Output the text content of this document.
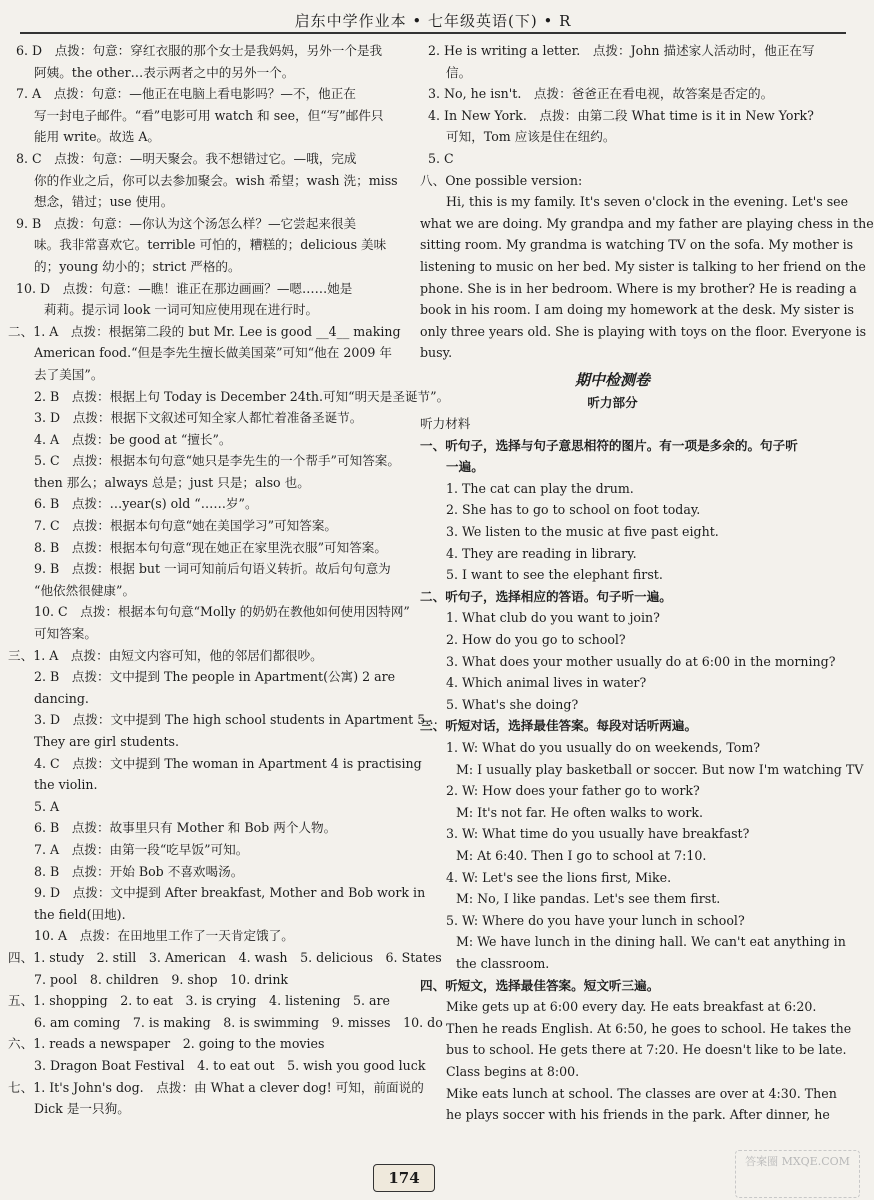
启东中学作业本 • 七年级英语(下) • R
6. D　点拨：句意：穿红衣服的那个女士是我妈妈，另外一个是我
阿姨。the other…表示两者之中的另外一个。
7. A　点拨：句意：—他正在电脑上看电影吗？—不，他正在
写一封电子邮件。“看”电影可用 watch 和 see，但“写”邮件只
能用 write。故选 A。
8. C　点拨：句意：—明天聚会。我不想错过它。—哦，完成
你的作业之后，你可以去参加聚会。wish 希望；wash 洗；miss
想念，错过；use 使用。
9. B　点拨：句意：—你认为这个汤怎么样？—它尝起来很美
味。我非常喜欢它。terrible 可怕的，糟糕的；delicious 美味
的；young 幼小的；strict 严格的。
10. D　点拨：句意：—瞧！谁正在那边画画？—嗯……她是
莉莉。提示词 look 一词可知应使用现在进行时。
二、1. A　点拨：根据第二段的 but Mr. Lee is good __4__ making
American food.“但是李先生擅长做美国菜”可知“他在 2009 年
去了美国”。
2. B　点拨：根据上句 Today is December 24th.可知“明天是圣诞节”。
3. D　点拨：根据下文叙述可知全家人都忙着准备圣诞节。
4. A　点拨：be good at “擅长”。
5. C　点拨：根据本句句意“她只是李先生的一个帮手”可知答案。
then 那么；always 总是；just 只是；also 也。
6. B　点拨：…year(s) old “……岁”。
7. C　点拨：根据本句句意“她在美国学习”可知答案。
8. B　点拨：根据本句句意“现在她正在家里洗衣服”可知答案。
9. B　点拨：根据 but 一词可知前后句语义转折。故后句句意为
“他依然很健康”。
10. C　点拨：根据本句句意“Molly 的奶奶在教他如何使用因特网”
可知答案。
三、1. A　点拨：由短文内容可知，他的邻居们都很吵。
2. B　点拨：文中提到 The people in Apartment(公寓) 2 are
dancing.
3. D　点拨：文中提到 The high school students in Apartment 5…
They are girl students.
4. C　点拨：文中提到 The woman in Apartment 4 is practising
the violin.
5. A
6. B　点拨：故事里只有 Mother 和 Bob 两个人物。
7. A　点拨：由第一段“吃早饭”可知。
8. B　点拨：开始 Bob 不喜欢喝汤。
9. D　点拨：文中提到 After breakfast, Mother and Bob work in
the field(田地).
10. A　点拨：在田地里工作了一天肯定饿了。
四、1. study　2. still　3. American　4. wash　5. delicious　6. States
7. pool　8. children　9. shop　10. drink
五、1. shopping　2. to eat　3. is crying　4. listening　5. are
6. am coming　7. is making　8. is swimming　9. misses　10. do
六、1. reads a newspaper　2. going to the movies
3. Dragon Boat Festival　4. to eat out　5. wish you good luck
七、1. It's John's dog.　点拨：由 What a clever dog! 可知，前面说的
Dick 是一只狗。
2. He is writing a letter.　点拨：John 描述家人活动时，他正在写
信。
3. No, he isn't.　点拨：爸爸正在看电视，故答案是否定的。
4. In New York.　点拨：由第二段 What time is it in New York?
可知，Tom 应该是住在纽约。
5. C
八、One possible version:
Hi, this is my family. It's seven o'clock in the evening. Let's see
what we are doing. My grandpa and my father are playing chess in the
sitting room. My grandma is watching TV on the sofa. My mother is
listening to music on her bed. My sister is talking to her friend on the
phone. She is in her bedroom. Where is my brother? He is reading a
book in his room. I am doing my homework at the desk. My sister is
only three years old. She is playing with toys on the floor. Everyone is
busy.
期中检测卷
听力部分
听力材料
一、听句子，选择与句子意思相符的图片。有一项是多余的。句子听
一遍。
1. The cat can play the drum.
2. She has to go to school on foot today.
3. We listen to the music at five past eight.
4. They are reading in library.
5. I want to see the elephant first.
二、听句子，选择相应的答语。句子听一遍。
1. What club do you want to join?
2. How do you go to school?
3. What does your mother usually do at 6:00 in the morning?
4. Which animal lives in water?
5. What's she doing?
三、听短对话，选择最佳答案。每段对话听两遍。
1. W: What do you usually do on weekends, Tom?
M: I usually play basketball or soccer. But now I'm watching TV
2. W: How does your father go to work?
M: It's not far. He often walks to work.
3. W: What time do you usually have breakfast?
M: At 6:40. Then I go to school at 7:10.
4. W: Let's see the lions first, Mike.
M: No, I like pandas. Let's see them first.
5. W: Where do you have your lunch in school?
M: We have lunch in the dining hall. We can't eat anything in
the classroom.
四、听短文，选择最佳答案。短文听三遍。
Mike gets up at 6:00 every day. He eats breakfast at 6:20.
Then he reads English. At 6:50, he goes to school. He takes the
bus to school. He gets there at 7:20. He doesn't like to be late.
Class begins at 8:00.
Mike eats lunch at school. The classes are over at 4:30. Then
he plays soccer with his friends in the park. After dinner, he
174
答案圈 MXQE.COM
